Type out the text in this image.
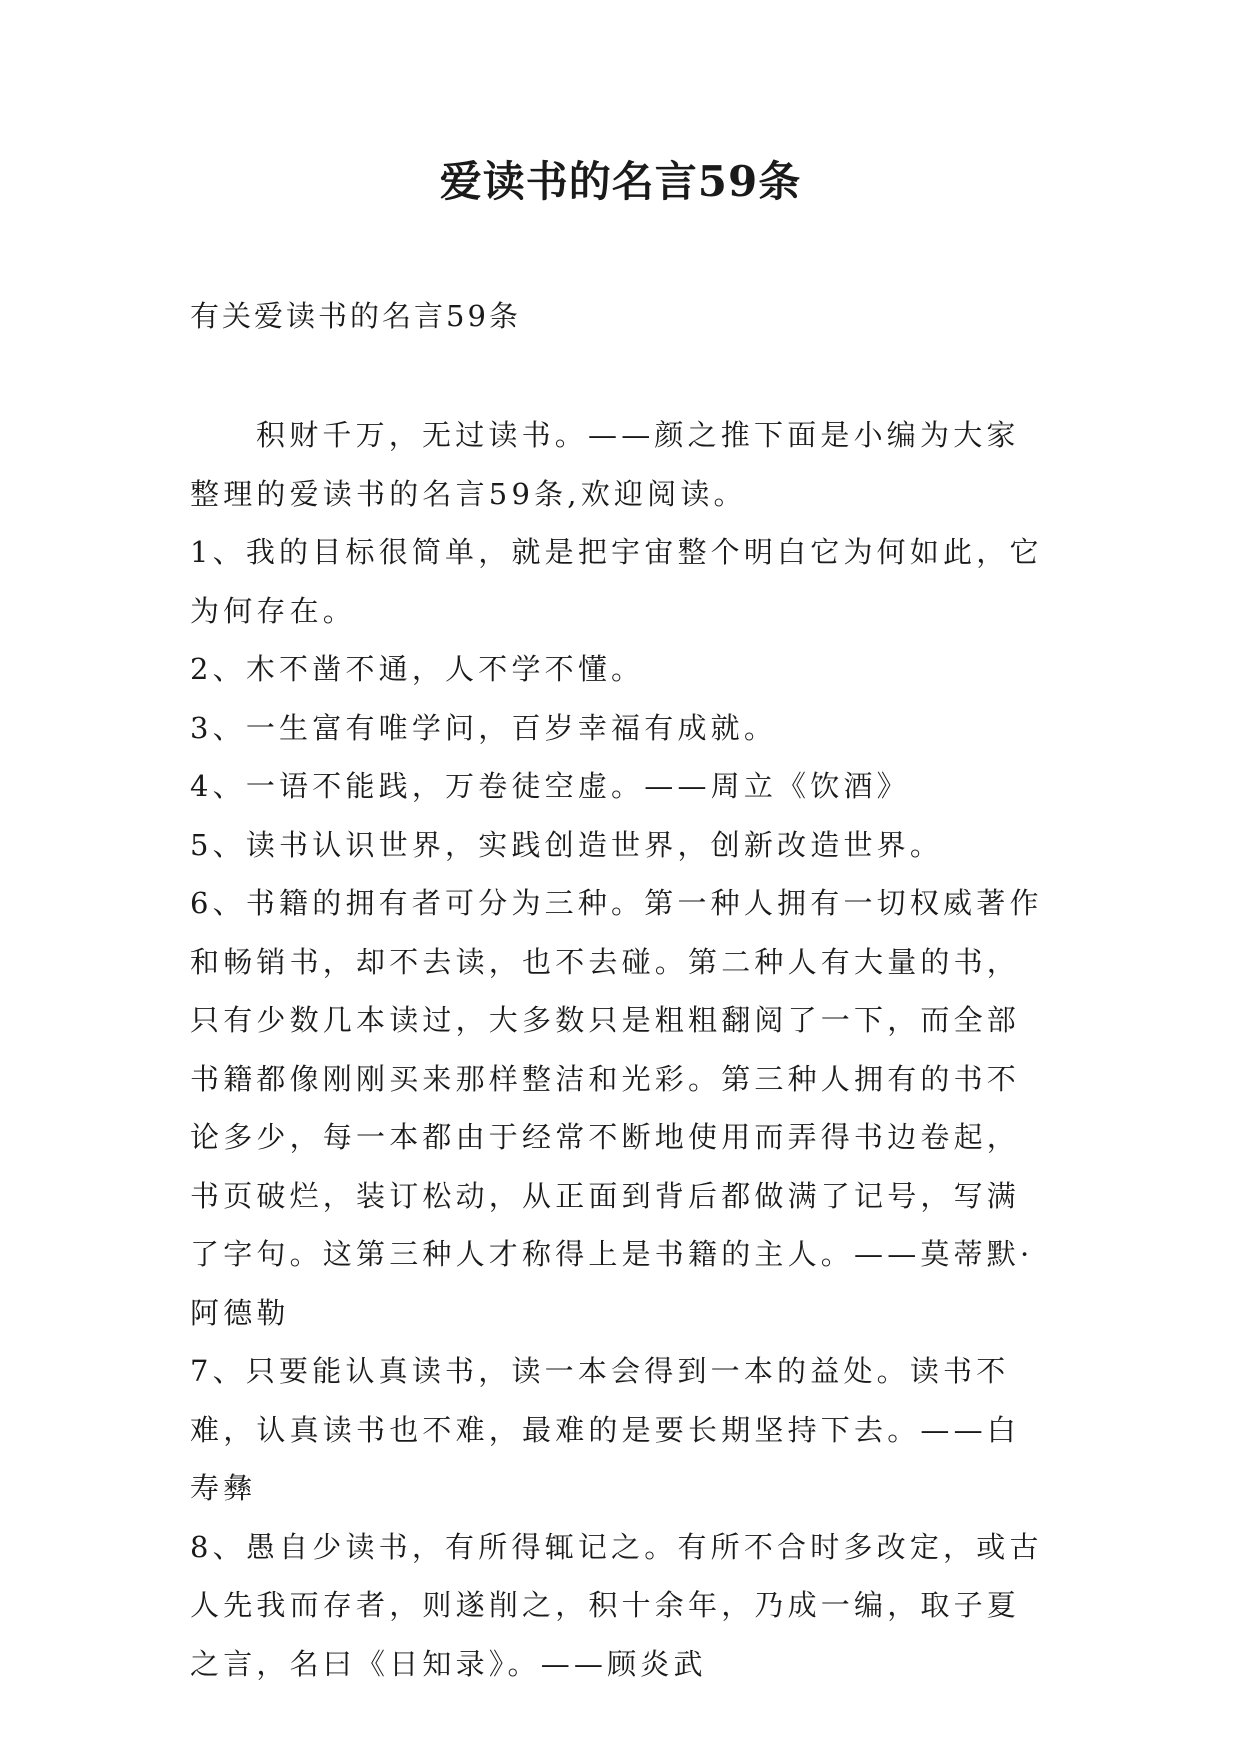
爱读书的名言59条
有关爱读书的名言59条

积财千万，无过读书。——颜之推下面是小编为大家整理的爱读书的名言59条,欢迎阅读。

1、我的目标很简单，就是把宇宙整个明白它为何如此，它为何存在。

2、木不凿不通，人不学不懂。

3、一生富有唯学问，百岁幸福有成就。

4、一语不能践，万卷徒空虚。——周立《饮酒》

5、读书认识世界，实践创造世界，创新改造世界。

6、书籍的拥有者可分为三种。第一种人拥有一切权威著作和畅销书，却不去读，也不去碰。第二种人有大量的书，只有少数几本读过，大多数只是粗粗翻阅了一下，而全部书籍都像刚刚买来那样整洁和光彩。第三种人拥有的书不论多少，每一本都由于经常不断地使用而弄得书边卷起，书页破烂，装订松动，从正面到背后都做满了记号，写满了字句。这第三种人才称得上是书籍的主人。——莫蒂默·阿德勒

7、只要能认真读书，读一本会得到一本的益处。读书不难，认真读书也不难，最难的是要长期坚持下去。——白寿彝

8、愚自少读书，有所得辄记之。有所不合时多改定，或古人先我而存者，则遂削之，积十余年，乃成一编，取子夏之言，名曰《日知录》。——顾炎武
